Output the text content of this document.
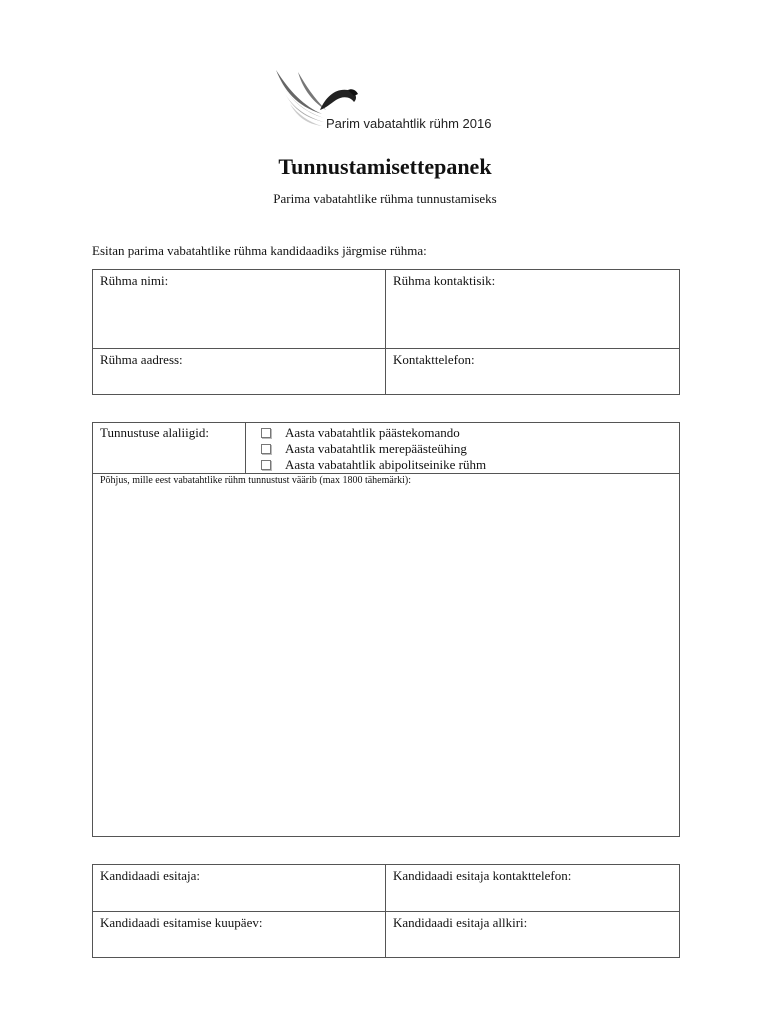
Parim vabatahtlik rühm 2016
Tunnustamisettepanek
Parima vabatahtlike rühma tunnustamiseks
Esitan parima vabatahtlike rühma kandidaadiks järgmise rühma:
Rühma nimi:	Rühma kontaktisik:
Rühma aadress:	Kontakttelefon:
Tunnustuse alaliigid:	Aasta vabatahtlik päästekomando
Aasta vabatahtlik merepäästeühing
Aasta vabatahtlik abipolitseinike rühm

Põhjus, mille eest vabatahtlike rühm tunnustust väärib (max 1800 tähemärki):
Kandidaadi esitaja:	Kandidaadi esitaja kontakttelefon:
Kandidaadi esitamise kuupäev:	Kandidaadi esitaja allkiri:
